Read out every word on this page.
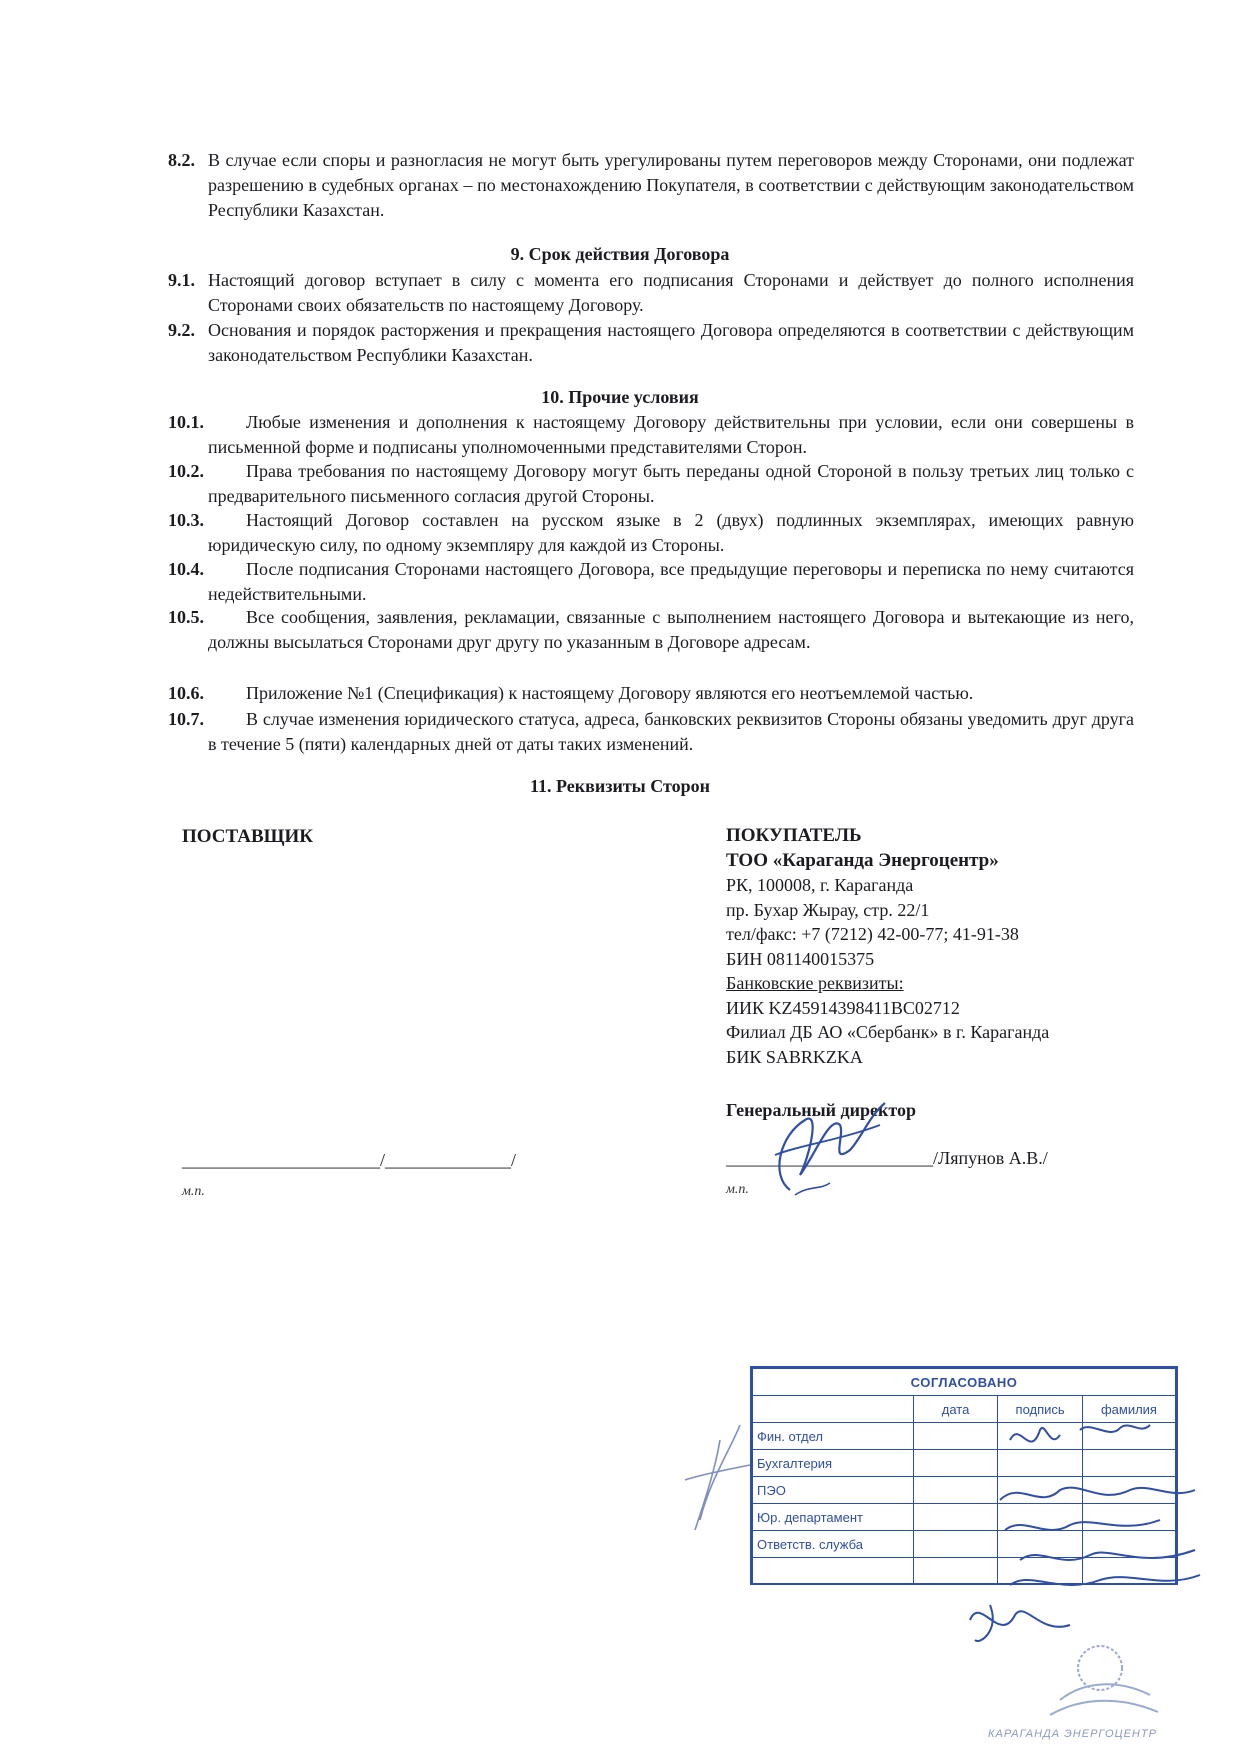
8.2. В случае если споры и разногласия не могут быть урегулированы путем переговоров между Сторонами, они подлежат разрешению в судебных органах – по местонахождению Покупателя, в соответствии с действующим законодательством Республики Казахстан.
9. Срок действия Договора
9.1. Настоящий договор вступает в силу с момента его подписания Сторонами и действует до полного исполнения Сторонами своих обязательств по настоящему Договору.
9.2. Основания и порядок расторжения и прекращения настоящего Договора определяются в соответствии с действующим законодательством Республики Казахстан.
10. Прочие условия
10.1.	Любые изменения и дополнения к настоящему Договору действительны при условии, если они совершены в письменной форме и подписаны уполномоченными представителями Сторон.
10.2.	Права требования по настоящему Договору могут быть переданы одной Стороной в пользу третьих лиц только с предварительного письменного согласия другой Стороны.
10.3.	Настоящий Договор составлен на русском языке в 2 (двух) подлинных экземплярах, имеющих равную юридическую силу, по одному экземпляру для каждой из Стороны.
10.4.	После подписания Сторонами настоящего Договора, все предыдущие переговоры и переписка по нему считаются недействительными.
10.5.	Все сообщения, заявления, рекламации, связанные с выполнением настоящего Договора и вытекающие из него, должны высылаться Сторонами друг другу по указанным в Договоре адресам.
10.6.	Приложение №1 (Спецификация) к настоящему Договору являются его неотъемлемой частью.
10.7.	В случае изменения юридического статуса, адреса, банковских реквизитов Стороны обязаны уведомить друг друга в течение 5 (пяти) календарных дней от даты таких изменений.
11. Реквизиты Сторон
ПОСТАВЩИК
______________________/______________/
м.п.
ПОКУПАТЕЛЬ
ТОО «Караганда Энергоцентр»
РК, 100008, г. Караганда
пр. Бухар Жырау, стр. 22/1
тел/факс: +7 (7212) 42-00-77; 41-91-38
БИН 081140015375
Банковские реквизиты:
ИИК KZ45914398411BC02712
Филиал ДБ АО «Сбербанк» в г. Караганда
БИК SABRKZKA
Генеральный директор
_______________________/Ляпунов А.В./
м.п.
СОГЛАСОВАНО			
	дата	подпись	фамилия
Фин. отдел			
Бухгалтерия			
ПЭО			
Юр. департамент			
Ответств. служба			

КАРАГАНДА ЭНЕРГОЦЕНТР
